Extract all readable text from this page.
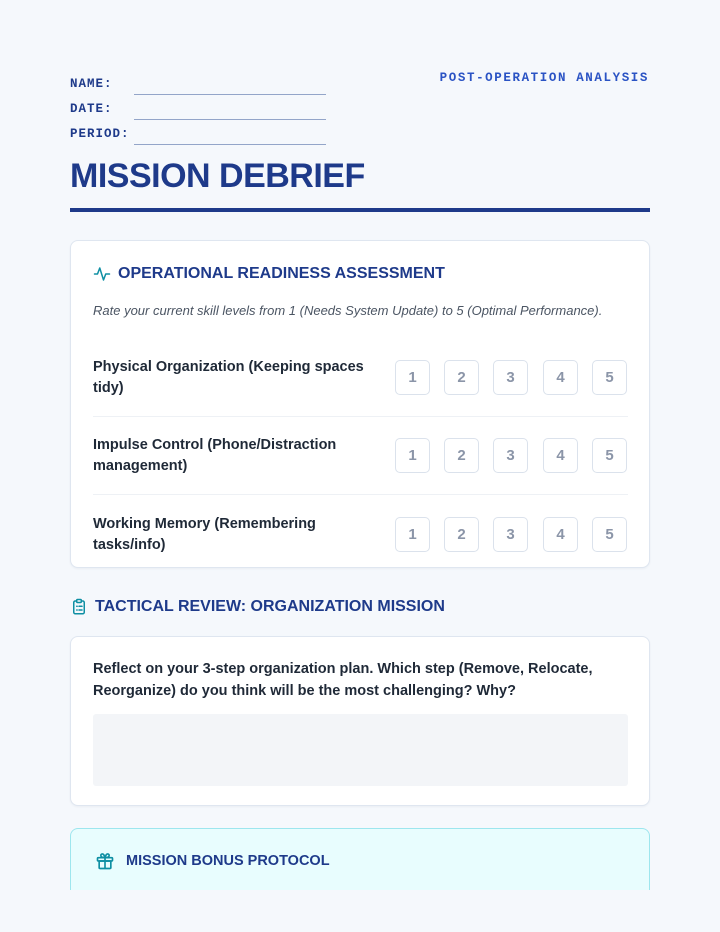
NAME:
DATE:
PERIOD:
POST-OPERATION ANALYSIS
MISSION DEBRIEF
OPERATIONAL READINESS ASSESSMENT
Rate your current skill levels from 1 (Needs System Update) to 5 (Optimal Performance).
Physical Organization (Keeping spaces tidy)
1	2	3	4	5
Impulse Control (Phone/Distraction management)
1	2	3	4	5
Working Memory (Remembering tasks/info)
1	2	3	4	5
TACTICAL REVIEW: ORGANIZATION MISSION
Reflect on your 3-step organization plan. Which step (Remove, Relocate, Reorganize) do you think will be the most challenging? Why?
MISSION BONUS PROTOCOL
